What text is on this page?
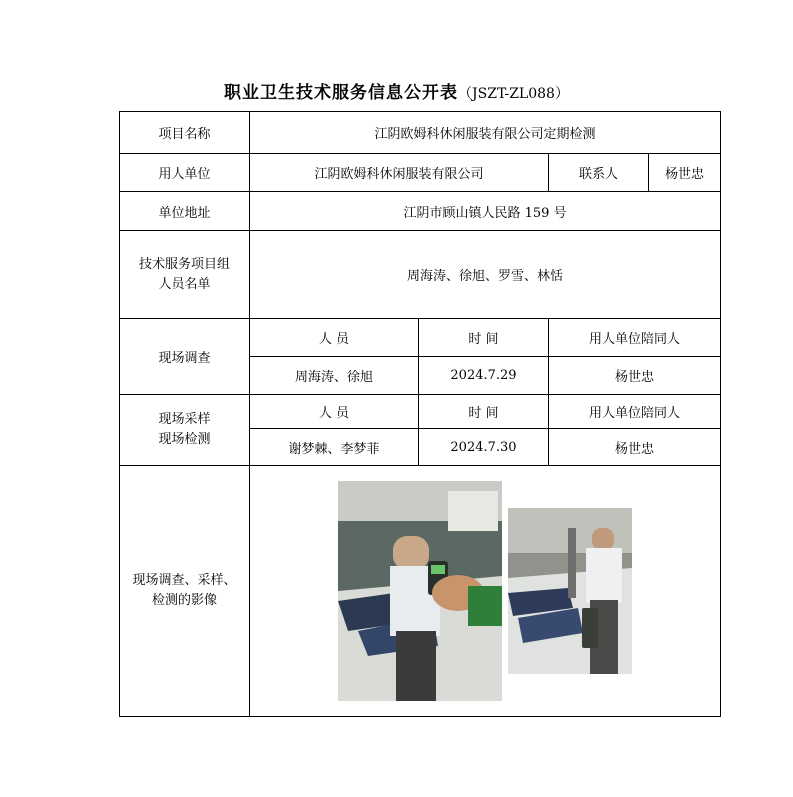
职业卫生技术服务信息公开表（JSZT-ZL088）
项目名称	江阴欧姆科休闲服装有限公司定期检测			
用人单位	江阴欧姆科休闲服装有限公司		联系人	杨世忠
单位地址	江阴市顾山镇人民路 159 号			

技术服务项目组
人员名单	周海涛、徐旭、罗雪、林恬			
现场调查	人 员	时 间	用人单位陪同人	
	周海涛、徐旭	2024.7.29	杨世忠	

现场采样
现场检测	人 员	时 间	用人单位陪同人	
	谢梦棘、李梦菲	2024.7.30	杨世忠	

现场调查、采样、
检测的影像
